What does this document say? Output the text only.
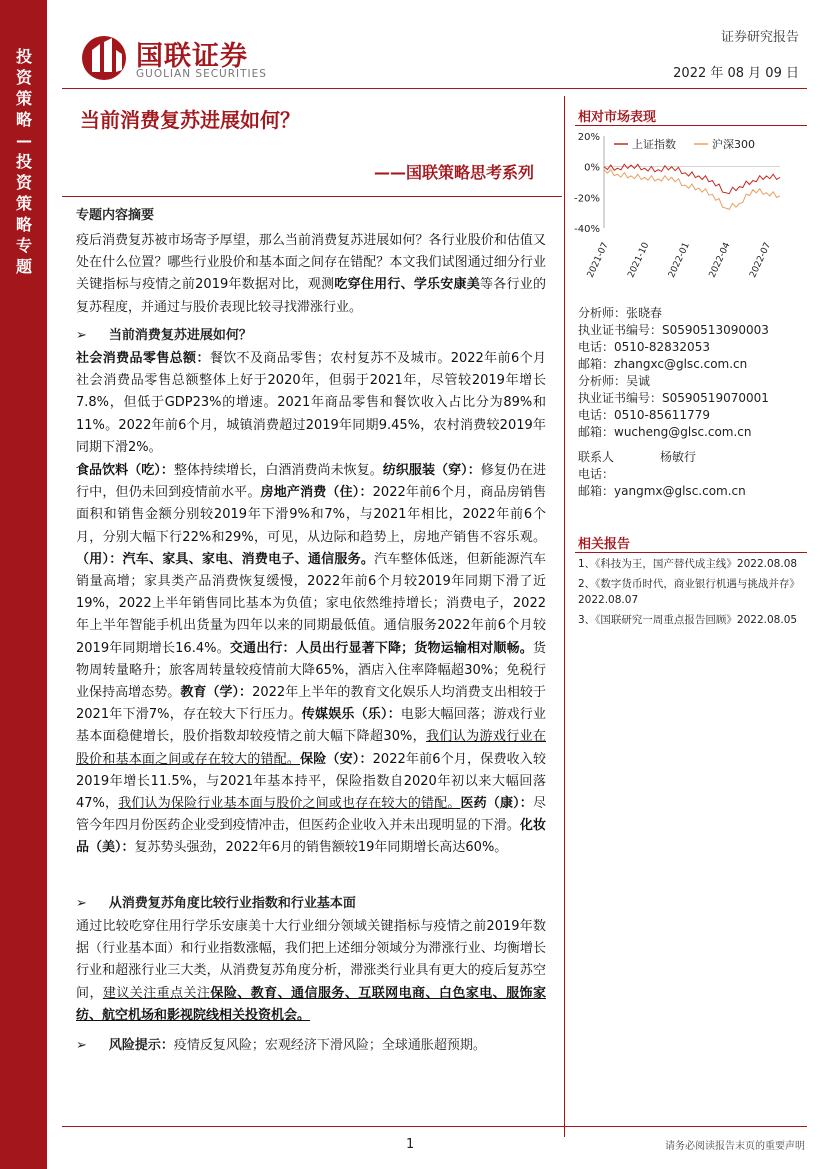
投资策略—投资策略专题
国联证券
GUOLIAN SECURITIES
证券研究报告
2022 年 08 月 09 日
当前消费复苏进展如何？
——国联策略思考系列
专题内容摘要
疫后消费复苏被市场寄予厚望，那么当前消费复苏进展如何？各行业股价和估值又处在什么位置？哪些行业股价和基本面之间存在错配？本文我们试图通过细分行业关键指标与疫情之前2019年数据对比，观测吃穿住用行、学乐安康美等各行业的复苏程度，并通过与股价表现比较寻找滞涨行业。
➢ 当前消费复苏进展如何？
社会消费品零售总额：餐饮不及商品零售；农村复苏不及城市。2022年前6个月社会消费品零售总额整体上好于2020年，但弱于2021年，尽管较2019年增长7.8%，但低于GDP23%的增速。2021年商品零售和餐饮收入占比分为89%和11%。2022年前6个月，城镇消费超过2019年同期9.45%，农村消费较2019年同期下滑2%。
食品饮料（吃）：整体持续增长，白酒消费尚未恢复。纺织服装（穿）：修复仍在进行中，但仍未回到疫情前水平。房地产消费（住）：2022年前6个月，商品房销售面积和销售金额分别较2019年下滑9%和7%，与2021年相比，2022年前6个月，分别大幅下行22%和29%，可见，从边际和趋势上，房地产销售不容乐观。（用）：汽车、家具、家电、消费电子、通信服务。汽车整体低迷，但新能源汽车销量高增；家具类产品消费恢复缓慢，2022年前6个月较2019年同期下滑了近19%，2022上半年销售同比基本为负值；家电依然维持增长；消费电子，2022年上半年智能手机出货量为四年以来的同期最低值。通信服务2022年前6个月较2019年同期增长16.4%。交通出行：人员出行显著下降；货物运输相对顺畅。货物周转量略升；旅客周转量较疫情前大降65%，酒店入住率降幅超30%；免税行业保持高增态势。教育（学）：2022年上半年的教育文化娱乐人均消费支出相较于2021年下滑7%，存在较大下行压力。传媒娱乐（乐）：电影大幅回落；游戏行业基本面稳健增长，股价指数却较疫情之前大幅下降超30%，我们认为游戏行业在股价和基本面之间或存在较大的错配。保险（安）：2022年前6个月，保费收入较2019年增长11.5%，与2021年基本持平，保险指数自2020年初以来大幅回落47%，我们认为保险行业基本面与股价之间或也存在较大的错配。医药（康）：尽管今年四月份医药企业受到疫情冲击，但医药企业收入并未出现明显的下滑。化妆品（美）：复苏势头强劲，2022年6月的销售额较19年同期增长高达60%。
➢ 从消费复苏角度比较行业指数和行业基本面
通过比较吃穿住用行学乐安康美十大行业细分领域关键指标与疫情之前2019年数据（行业基本面）和行业指数涨幅，我们把上述细分领域分为滞涨行业、均衡增长行业和超涨行业三大类，从消费复苏角度分析，滞涨类行业具有更大的疫后复苏空间，建议关注重点关注保险、教育、通信服务、互联网电商、白色家电、服饰家纺、航空机场和影视院线相关投资机会。
➢ 风险提示：疫情反复风险；宏观经济下滑风险；全球通胀超预期。
相对市场表现
20%
0%
-20%
-40%
2021-07 2021-10 2022-01 2022-04 2022-07
上证指数	沪深300
分析师：张晓春
执业证书编号：S0590513090003
电话：0510-82832053
邮箱：zhangxc@glsc.com.cn
分析师：吴诚
执业证书编号：S0590519070001
电话：0510-85611779
邮箱：wucheng@glsc.com.cn
联系人	杨敏行
电话：
邮箱：yangmx@glsc.com.cn
相关报告
1、《科技为王，国产替代成主线》2022.08.08
2、《数字货币时代，商业银行机遇与挑战并存》2022.08.07
3、《国联研究一周重点报告回顾》2022.08.05
1	请务必阅读报告末页的重要声明
